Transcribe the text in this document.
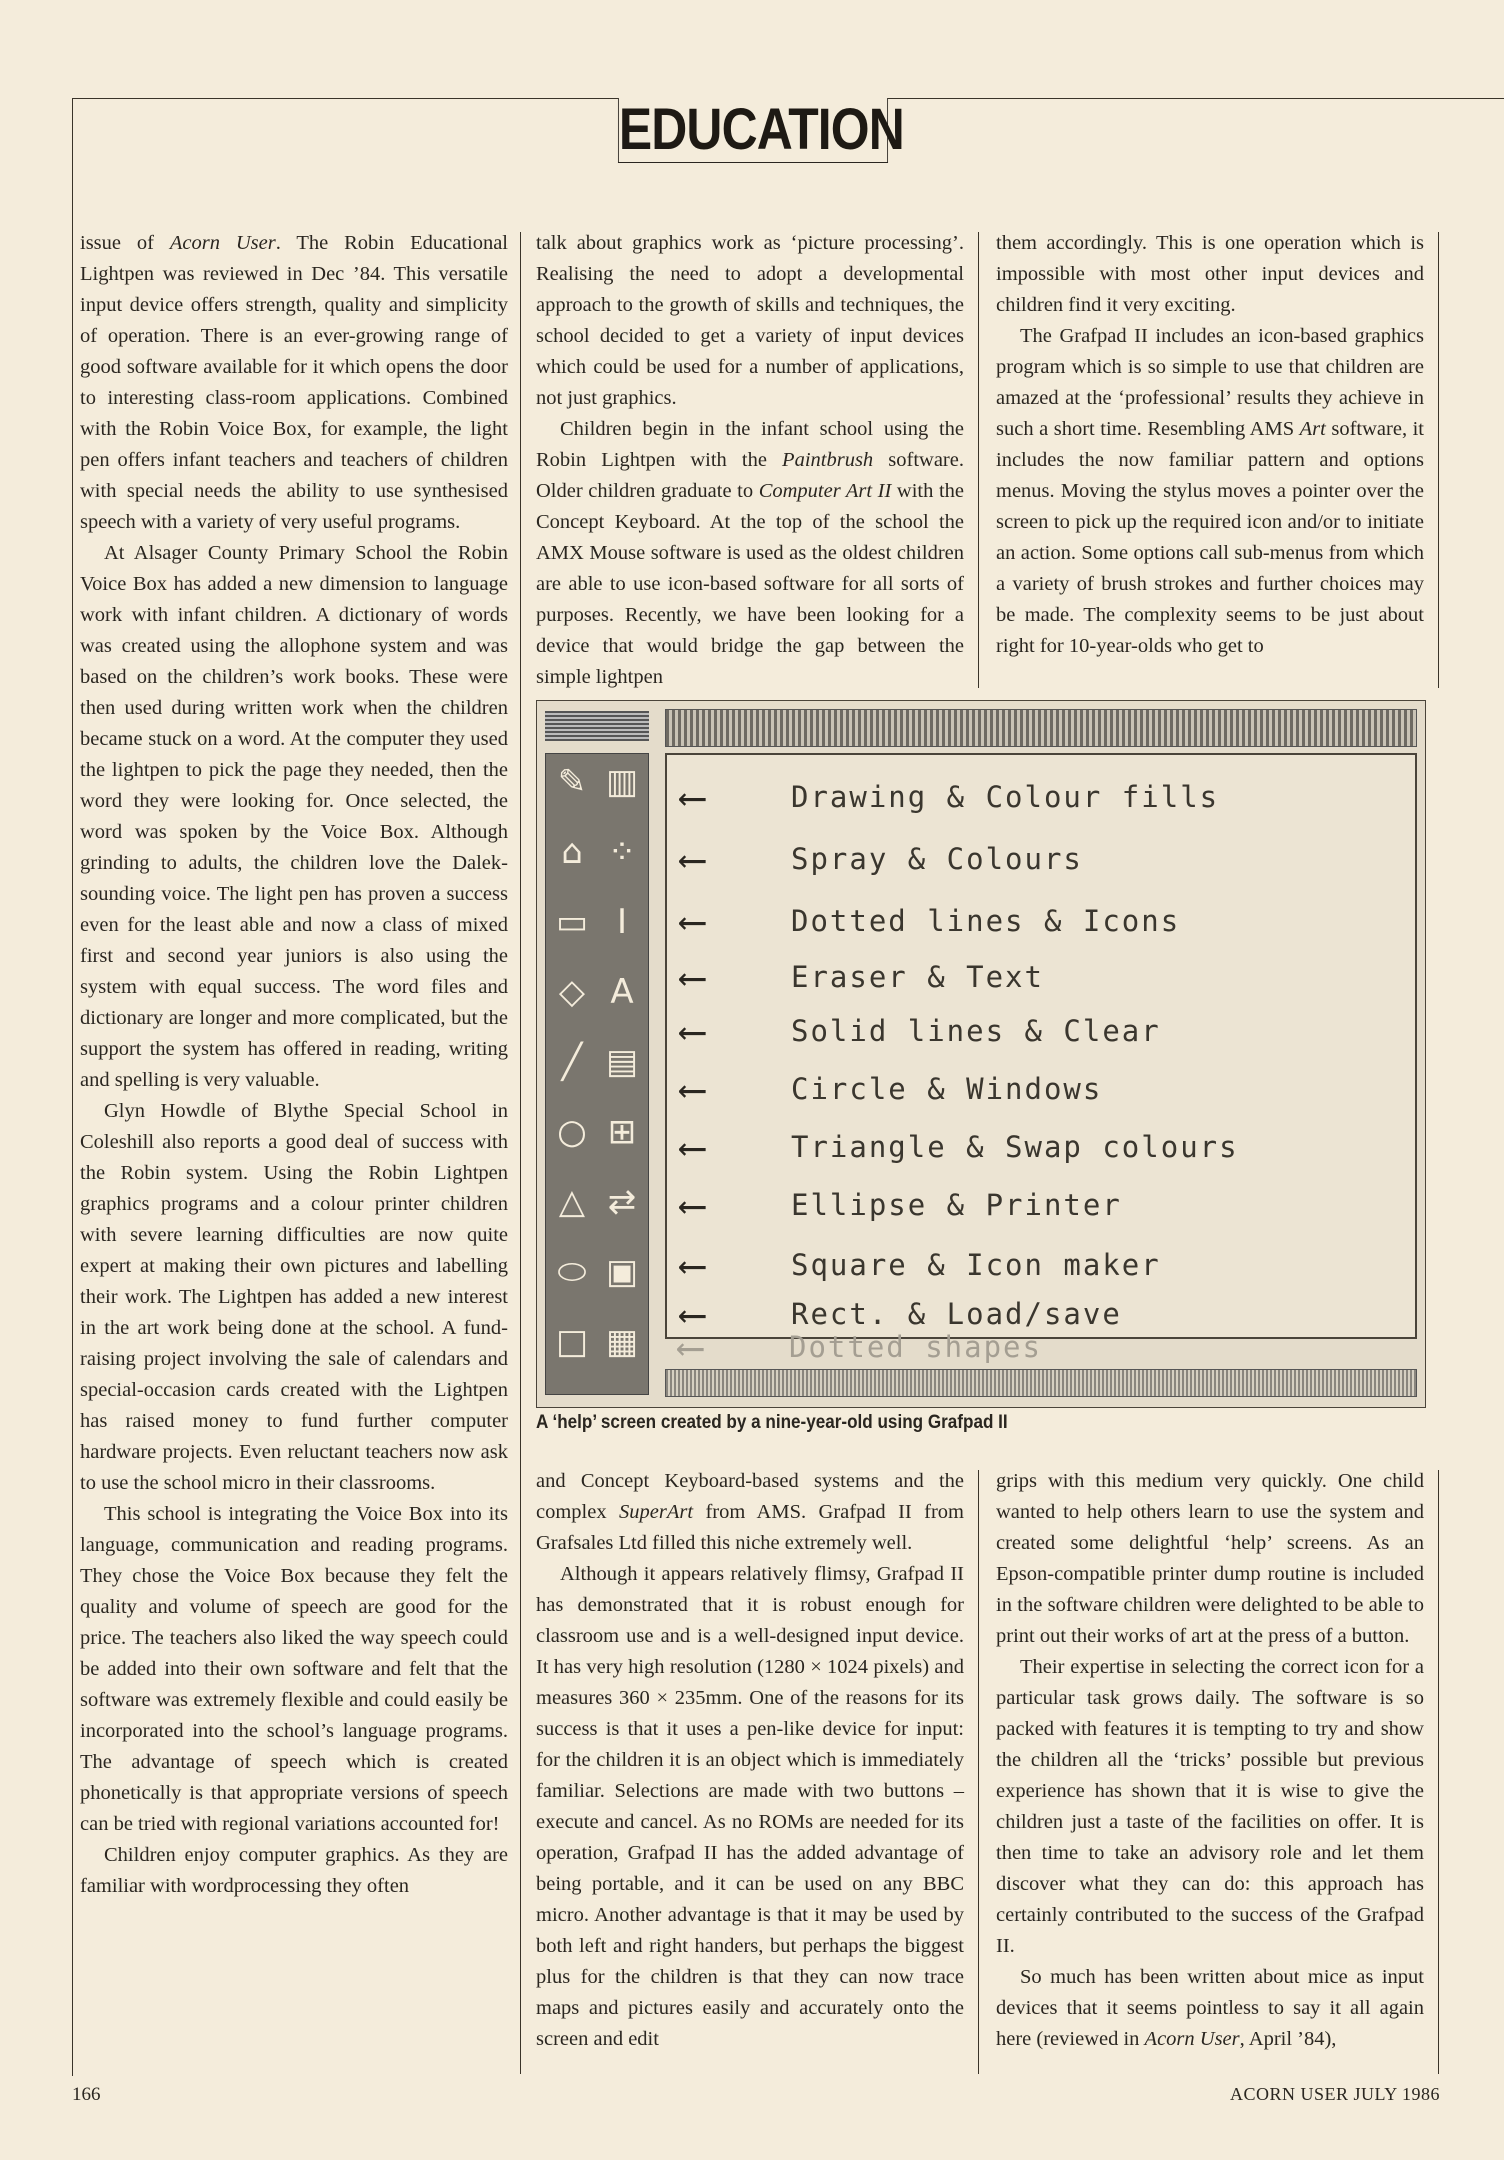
EDUCATION

issue of Acorn User. The Robin Educational Lightpen was reviewed in Dec ’84. This versatile input device offers strength, quality and simplicity of operation. There is an ever-growing range of good software available for it which opens the door to interesting class-room applications. Combined with the Robin Voice Box, for example, the light pen offers infant teachers and teachers of children with special needs the ability to use synthesised speech with a variety of very useful programs.

At Alsager County Primary School the Robin Voice Box has added a new dimension to language work with infant children. A dictionary of words was created using the allophone system and was based on the children’s work books. These were then used during written work when the children became stuck on a word. At the computer they used the lightpen to pick the page they needed, then the word they were looking for. Once selected, the word was spoken by the Voice Box. Although grinding to adults, the children love the Dalek-sounding voice. The light pen has proven a success even for the least able and now a class of mixed first and second year juniors is also using the system with equal success. The word files and dictionary are longer and more complicated, but the support the system has offered in reading, writing and spelling is very valuable.

Glyn Howdle of Blythe Special School in Coleshill also reports a good deal of success with the Robin system. Using the Robin Lightpen graphics programs and a colour printer children with severe learning difficulties are now quite expert at making their own pictures and labelling their work. The Lightpen has added a new interest in the art work being done at the school. A fund-raising project involving the sale of calendars and special-occasion cards created with the Lightpen has raised money to fund further computer hardware projects. Even reluctant teachers now ask to use the school micro in their classrooms.

This school is integrating the Voice Box into its language, communication and reading programs. They chose the Voice Box because they felt the quality and volume of speech are good for the price. The teachers also liked the way speech could be added into their own software and felt that the software was extremely flexible and could easily be incorporated into the school’s language programs. The advantage of speech which is created phonetically is that appropriate versions of speech can be tried with regional variations accounted for!

Children enjoy computer graphics. As they are familiar with wordprocessing they often

talk about graphics work as ‘picture processing’. Realising the need to adopt a developmental approach to the growth of skills and techniques, the school decided to get a variety of input devices which could be used for a number of applications, not just graphics.

Children begin in the infant school using the Robin Lightpen with the Paintbrush software. Older children graduate to Computer Art II with the Concept Keyboard. At the top of the school the AMX Mouse software is used as the oldest children are able to use icon-based software for all sorts of purposes. Recently, we have been looking for a device that would bridge the gap between the simple lightpen

them accordingly. This is one operation which is impossible with most other input devices and children find it very exciting.

The Grafpad II includes an icon-based graphics program which is so simple to use that children are amazed at the ‘professional’ results they achieve in such a short time. Resembling AMS Art software, it includes the now familiar pattern and options menus. Moving the stylus moves a pointer over the screen to pick up the required icon and/or to initiate an action. Some options call sub-menus from which a variety of brush strokes and further choices may be made. The complexity seems to be just about right for 10-year-olds who get to

✎ ▥
⌂ ⁘
▭ I
◇ A
╱ ▤
○ ⊞
△ ⇄
⬭ ▣
□ ▦
⟵	Drawing & Colour fills
⟵	Spray & Colours
⟵	Dotted lines & Icons
⟵	Eraser & Text
⟵	Solid lines & Clear
⟵	Circle & Windows
⟵	Triangle & Swap colours
⟵	Ellipse & Printer
⟵	Square & Icon maker
⟵	Rect. & Load/save
⟵	Dotted shapes
A ‘help’ screen created by a nine-year-old using Grafpad II

and Concept Keyboard-based systems and the complex SuperArt from AMS. Grafpad II from Grafsales Ltd filled this niche extremely well.

Although it appears relatively flimsy, Grafpad II has demonstrated that it is robust enough for classroom use and is a well-designed input device. It has very high resolution (1280 × 1024 pixels) and measures 360 × 235mm. One of the reasons for its success is that it uses a pen-like device for input: for the children it is an object which is immediately familiar. Selections are made with two buttons – execute and cancel. As no ROMs are needed for its operation, Grafpad II has the added advantage of being portable, and it can be used on any BBC micro. Another advantage is that it may be used by both left and right handers, but perhaps the biggest plus for the children is that they can now trace maps and pictures easily and accurately onto the screen and edit

grips with this medium very quickly. One child wanted to help others learn to use the system and created some delightful ‘help’ screens. As an Epson-compatible printer dump routine is included in the software children were delighted to be able to print out their works of art at the press of a button.

Their expertise in selecting the correct icon for a particular task grows daily. The software is so packed with features it is tempting to try and show the children all the ‘tricks’ possible but previous experience has shown that it is wise to give the children just a taste of the facilities on offer. It is then time to take an advisory role and let them discover what they can do: this approach has certainly contributed to the success of the Grafpad II.

So much has been written about mice as input devices that it seems pointless to say it all again here (reviewed in Acorn User, April ’84),

166	ACORN USER JULY 1986
